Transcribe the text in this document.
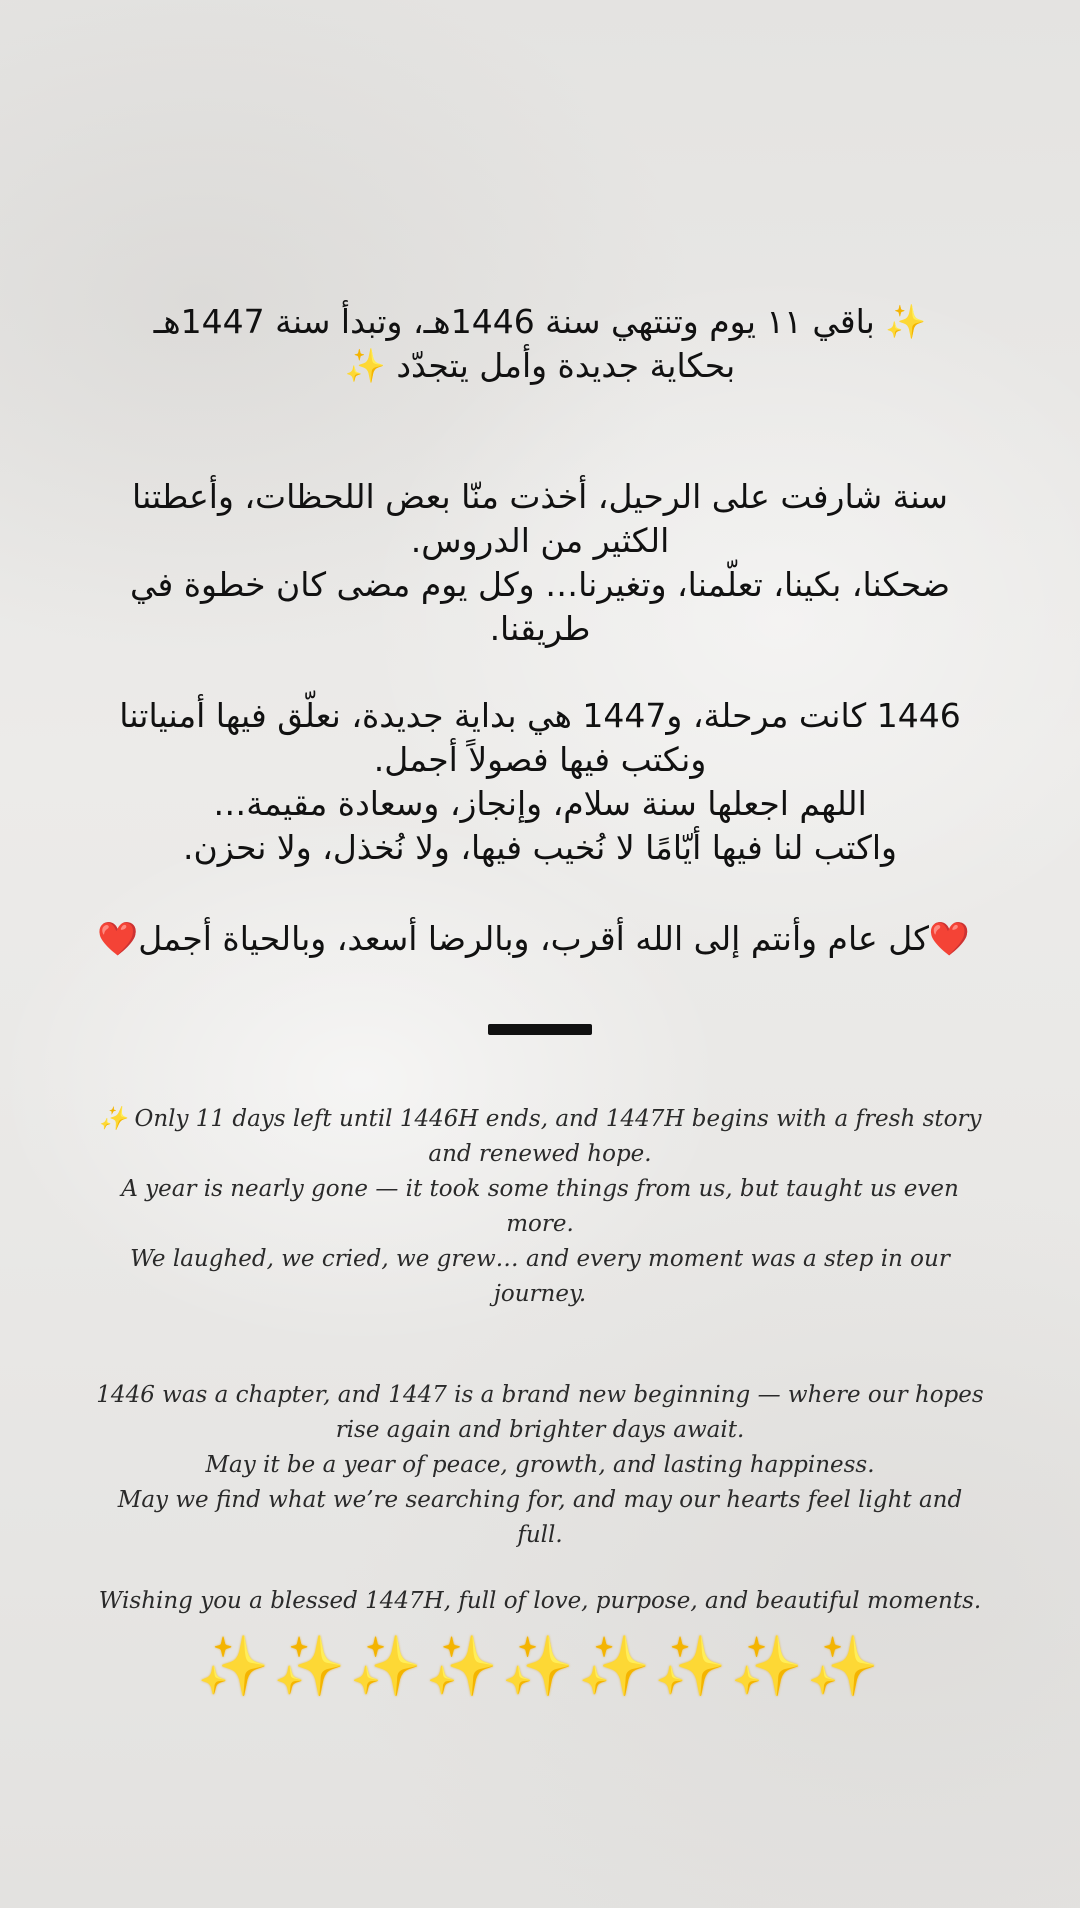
✨ باقي ١١ يوم وتنتهي سنة 1446هـ، وتبدأ سنة 1447هـ
بحكاية جديدة وأمل يتجدّد ✨
سنة شارفت على الرحيل، أخذت منّا بعض اللحظات، وأعطتنا
الكثير من الدروس.
ضحكنا، بكينا، تعلّمنا، وتغيرنا… وكل يوم مضى كان خطوة في
طريقنا.
1446 كانت مرحلة، و1447 هي بداية جديدة، نعلّق فيها أمنياتنا
ونكتب فيها فصولاً أجمل.
اللهم اجعلها سنة سلام، وإنجاز، وسعادة مقيمة…
واكتب لنا فيها أيّامًا لا نُخيب فيها، ولا نُخذل، ولا نحزن.
❤️كل عام وأنتم إلى الله أقرب، وبالرضا أسعد، وبالحياة أجمل❤️
✨ Only 11 days left until 1446H ends, and 1447H begins with a fresh story
and renewed hope.
A year is nearly gone — it took some things from us, but taught us even
more.
We laughed, we cried, we grew… and every moment was a step in our
journey.
1446 was a chapter, and 1447 is a brand new beginning — where our hopes
rise again and brighter days await.
May it be a year of peace, growth, and lasting happiness.
May we find what we’re searching for, and may our hearts feel light and
full.
Wishing you a blessed 1447H, full of love, purpose, and beautiful moments.
✨ ✨ ✨ ✨ ✨ ✨ ✨ ✨ ✨
